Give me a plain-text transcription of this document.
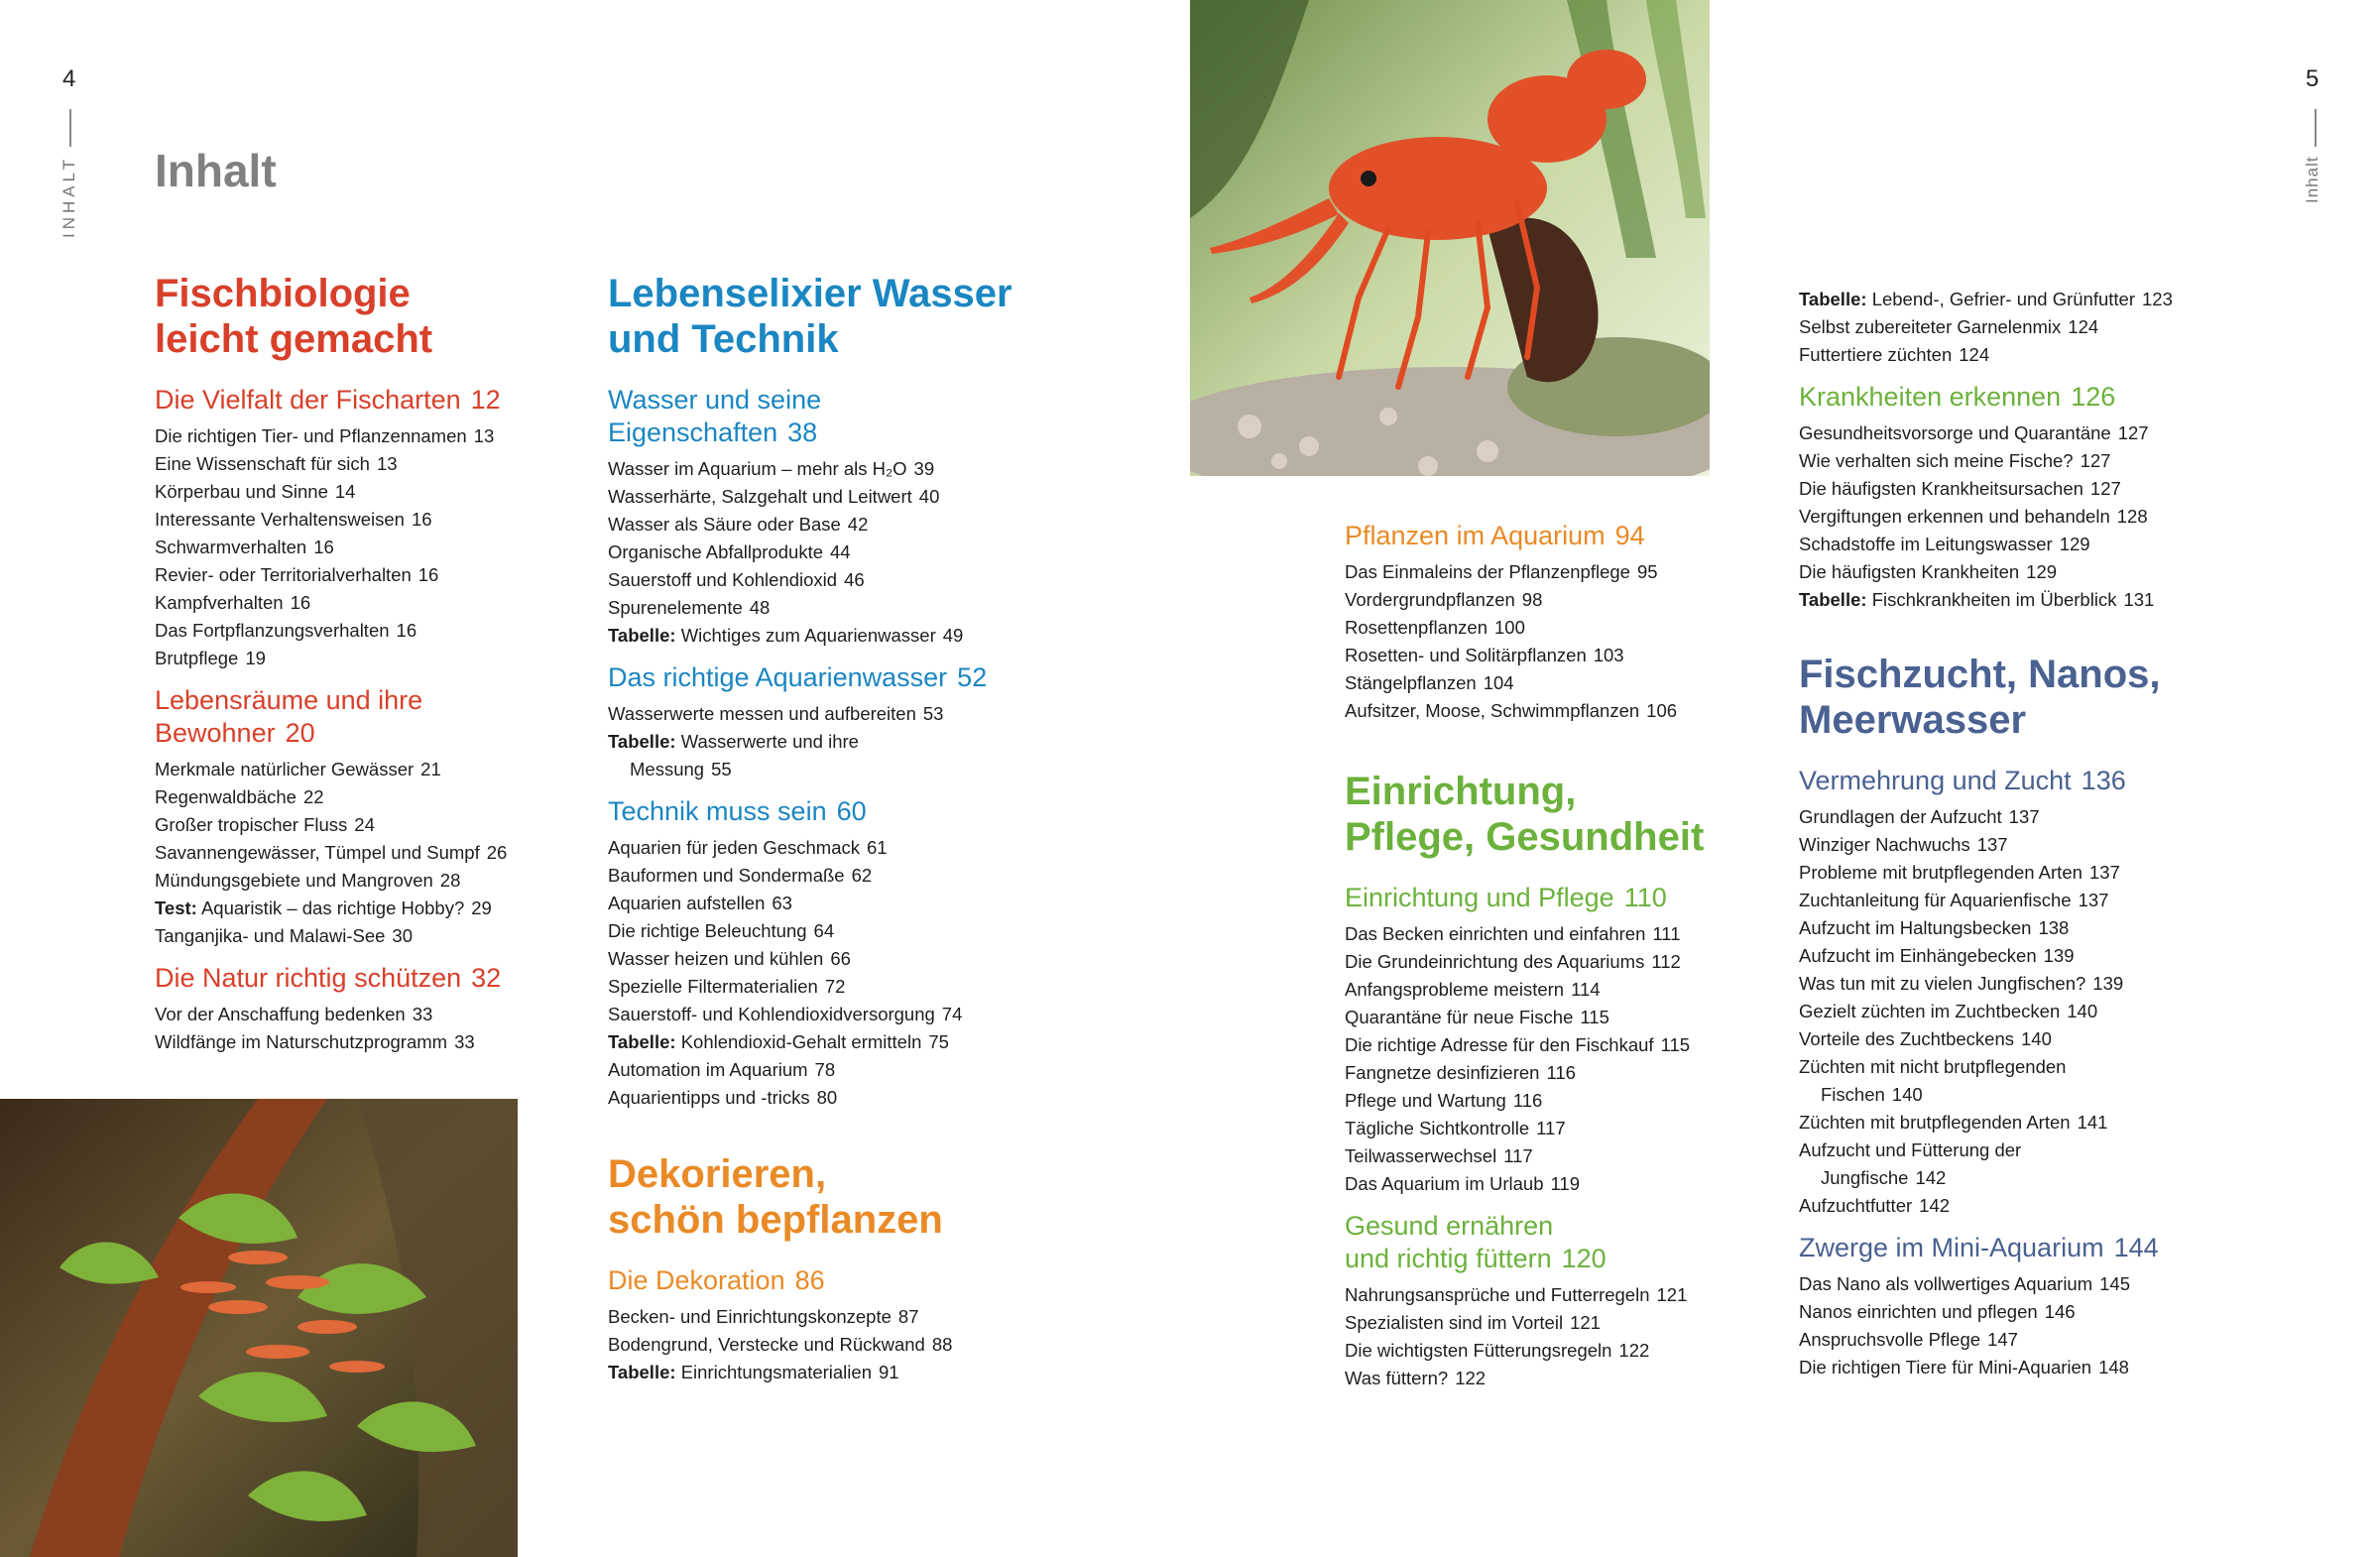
4
INHALT Inhalt
5
Inhalt
Fischbiologie
leicht gemacht
Die Vielfalt der Fischarten 12
Die richtigen Tier- und Pflanzennamen 13
Eine Wissenschaft für sich 13
Körperbau und Sinne 14
Interessante Verhaltensweisen 16
Schwarmverhalten 16
Revier- oder Territorialverhalten 16
Kampfverhalten 16
Das Fortpflanzungsverhalten 16
Brutpflege 19
Lebensräume und ihre
Bewohner 20
Merkmale natürlicher Gewässer 21
Regenwaldbäche 22
Großer tropischer Fluss 24
Savannengewässer, Tümpel und Sumpf 26
Mündungsgebiete und Mangroven 28
Test: Aquaristik – das richtige Hobby? 29
Tanganjika- und Malawi-See 30
Die Natur richtig schützen 32
Vor der Anschaffung bedenken 33
Wildfänge im Naturschutzprogramm 33
Lebenselixier Wasser
und Technik
Wasser und seine
Eigenschaften 38
Wasser im Aquarium – mehr als H₂O 39
Wasserhärte, Salzgehalt und Leitwert 40
Wasser als Säure oder Base 42
Organische Abfallprodukte 44
Sauerstoff und Kohlendioxid 46
Spurenelemente 48
Tabelle: Wichtiges zum Aquarienwasser 49
Das richtige Aquarienwasser 52
Wasserwerte messen und aufbereiten 53
Tabelle: Wasserwerte und ihre
Messung 55
Technik muss sein 60
Aquarien für jeden Geschmack 61
Bauformen und Sondermaße 62
Aquarien aufstellen 63
Die richtige Beleuchtung 64
Wasser heizen und kühlen 66
Spezielle Filtermaterialien 72
Sauerstoff- und Kohlendioxidversorgung 74
Tabelle: Kohlendioxid-Gehalt ermitteln 75
Automation im Aquarium 78
Aquarientipps und -tricks 80
Dekorieren,
schön bepflanzen
Die Dekoration 86
Becken- und Einrichtungskonzepte 87
Bodengrund, Verstecke und Rückwand 88
Tabelle: Einrichtungsmaterialien 91
Pflanzen im Aquarium 94
Das Einmaleins der Pflanzenpflege 95
Vordergrundpflanzen 98
Rosettenpflanzen 100
Rosetten- und Solitärpflanzen 103
Stängelpflanzen 104
Aufsitzer, Moose, Schwimmpflanzen 106
Einrichtung,
Pflege, Gesundheit
Einrichtung und Pflege 110
Das Becken einrichten und einfahren 111
Die Grundeinrichtung des Aquariums 112
Anfangsprobleme meistern 114
Quarantäne für neue Fische 115
Die richtige Adresse für den Fischkauf 115
Fangnetze desinfizieren 116
Pflege und Wartung 116
Tägliche Sichtkontrolle 117
Teilwasserwechsel 117
Das Aquarium im Urlaub 119
Gesund ernähren
und richtig füttern 120
Nahrungsansprüche und Futterregeln 121
Spezialisten sind im Vorteil 121
Die wichtigsten Fütterungsregeln 122
Was füttern? 122
Tabelle: Lebend-, Gefrier- und Grünfutter 123
Selbst zubereiteter Garnelenmix 124
Futtertiere züchten 124
Krankheiten erkennen 126
Gesundheitsvorsorge und Quarantäne 127
Wie verhalten sich meine Fische? 127
Die häufigsten Krankheitsursachen 127
Vergiftungen erkennen und behandeln 128
Schadstoffe im Leitungswasser 129
Die häufigsten Krankheiten 129
Tabelle: Fischkrankheiten im Überblick 131
Fischzucht, Nanos,
Meerwasser
Vermehrung und Zucht 136
Grundlagen der Aufzucht 137
Winziger Nachwuchs 137
Probleme mit brutpflegenden Arten 137
Zuchtanleitung für Aquarienfische 137
Aufzucht im Haltungsbecken 138
Aufzucht im Einhängebecken 139
Was tun mit zu vielen Jungfischen? 139
Gezielt züchten im Zuchtbecken 140
Vorteile des Zuchtbeckens 140
Züchten mit nicht brutpflegenden
Fischen 140
Züchten mit brutpflegenden Arten 141
Aufzucht und Fütterung der
Jungfische 142
Aufzuchtfutter 142
Zwerge im Mini-Aquarium 144
Das Nano als vollwertiges Aquarium 145
Nanos einrichten und pflegen 146
Anspruchsvolle Pflege 147
Die richtigen Tiere für Mini-Aquarien 148
